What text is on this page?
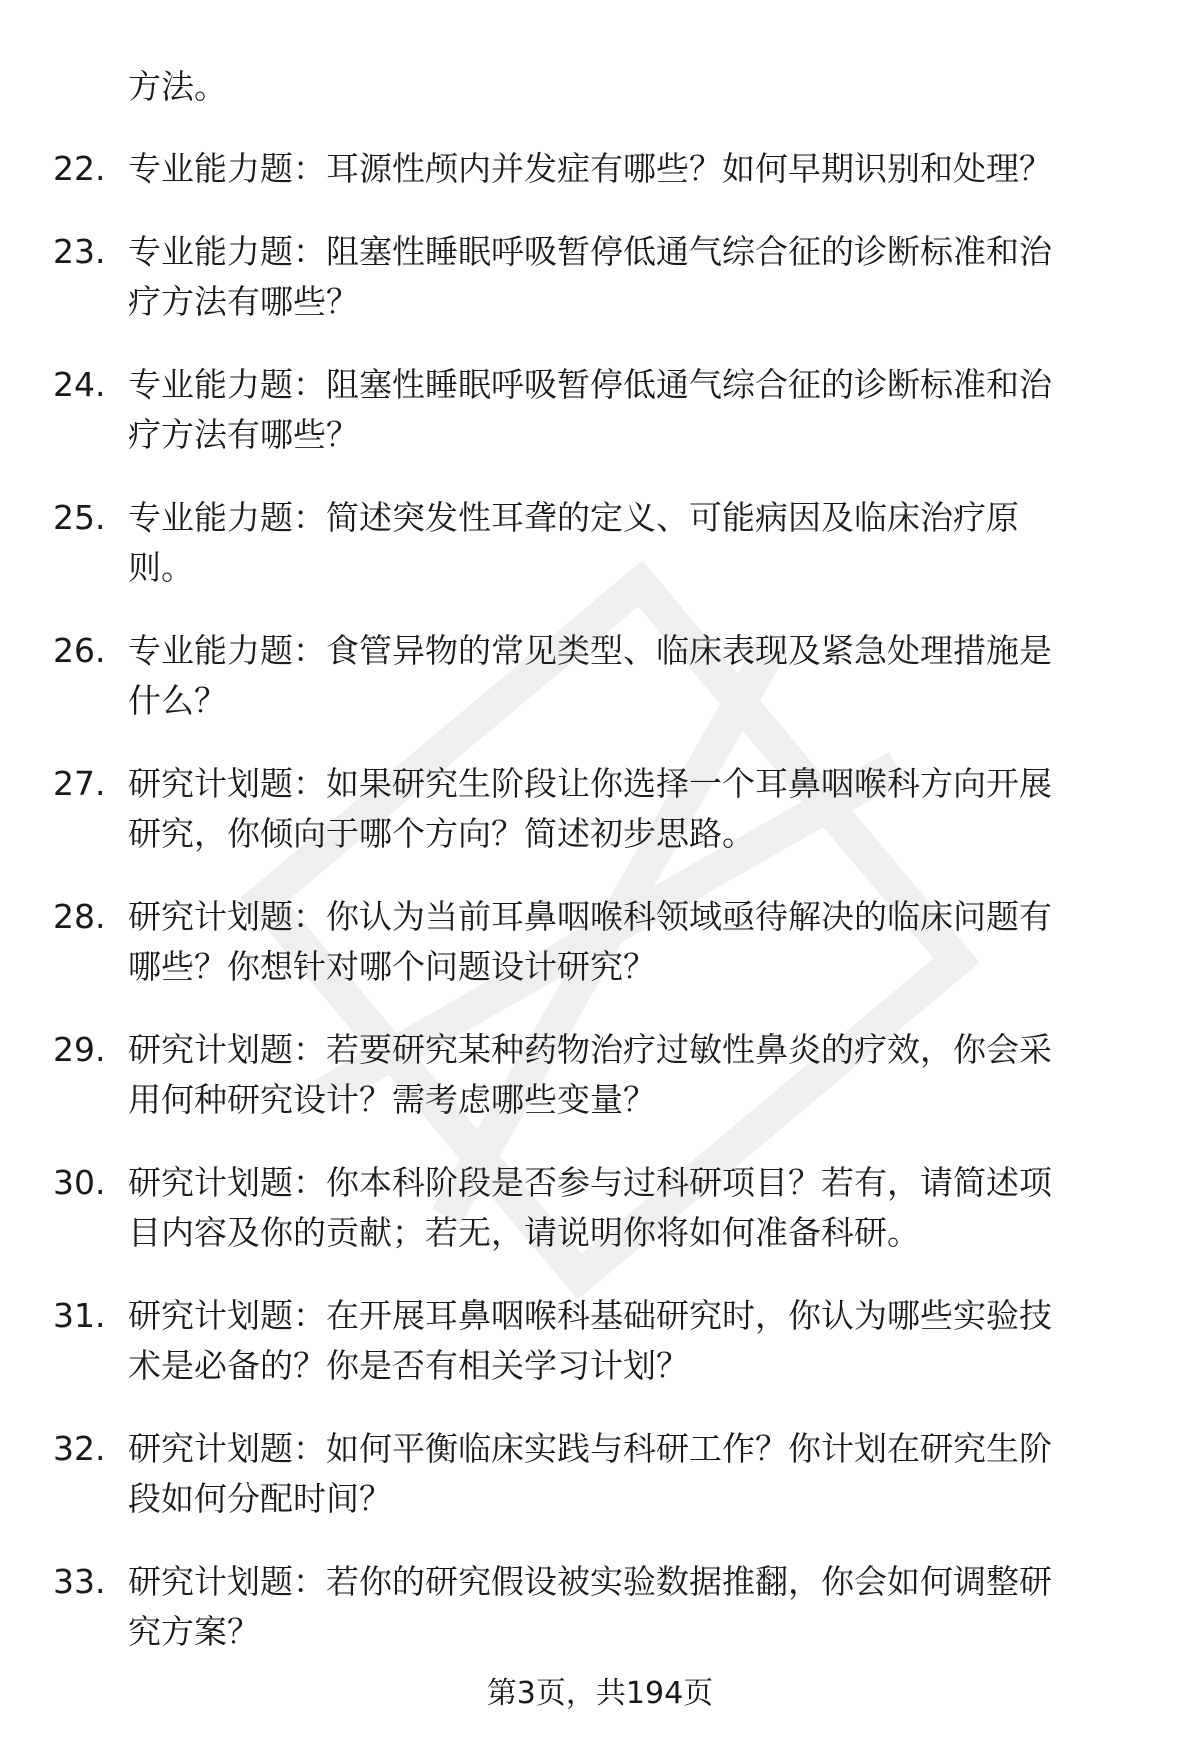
方法。
22. 专业能力题：耳源性颅内并发症有哪些？如何早期识别和处理？
23. 专业能力题：阻塞性睡眠呼吸暂停低通气综合征的诊断标准和治
疗方法有哪些？
24. 专业能力题：阻塞性睡眠呼吸暂停低通气综合征的诊断标准和治
疗方法有哪些？
25. 专业能力题：简述突发性耳聋的定义、可能病因及临床治疗原
则。
26. 专业能力题：食管异物的常见类型、临床表现及紧急处理措施是
什么？
27. 研究计划题：如果研究生阶段让你选择一个耳鼻咽喉科方向开展
研究，你倾向于哪个方向？简述初步思路。
28. 研究计划题：你认为当前耳鼻咽喉科领域亟待解决的临床问题有
哪些？你想针对哪个问题设计研究？
29. 研究计划题：若要研究某种药物治疗过敏性鼻炎的疗效，你会采
用何种研究设计？需考虑哪些变量？
30. 研究计划题：你本科阶段是否参与过科研项目？若有，请简述项
目内容及你的贡献；若无，请说明你将如何准备科研。
31. 研究计划题：在开展耳鼻咽喉科基础研究时，你认为哪些实验技
术是必备的？你是否有相关学习计划？
32. 研究计划题：如何平衡临床实践与科研工作？你计划在研究生阶
段如何分配时间？
33. 研究计划题：若你的研究假设被实验数据推翻，你会如何调整研
究方案？
第3页，共194页
